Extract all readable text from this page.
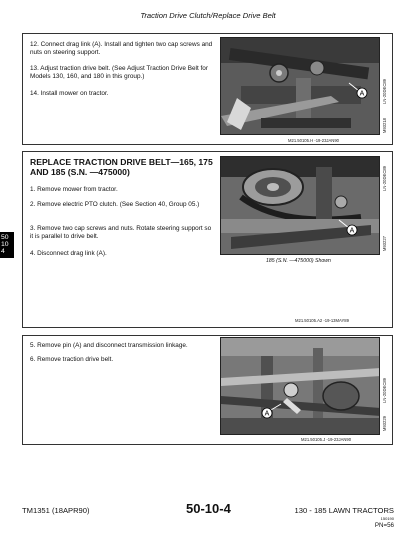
Traction Drive Clutch/Replace Drive Belt
50
10
4
12. Connect drag link (A). Install and tighten two cap screws and nuts on steering support.
13. Adjust traction drive belt. (See Adjust Traction Drive Belt for Models 130, 160, and 180 in this group.)
14. Install mower on tractor.	A	LN-20DEC89
M93218
M21.50105.H -19-23JAN90
REPLACE TRACTION DRIVE BELT—165, 175 AND 185 (S.N. —475000)
1. Remove mower from tractor.
2. Remove electric PTO clutch. (See Section 40, Group 05.)
3. Remove two cap screws and nuts. Rotate steering support so it is parallel to drive belt.
4. Disconnect drag link (A).
A
185 (S.N. —475000) Shown
LN-20DEC89
M93227
M21.50105.A2 -19-13MAY89
5. Remove pin (A) and disconnect transmission linkage.
6. Remove traction drive belt.
A
LN-20DEC89
M93229
M21.50105.J -19-23JAN90
TM1351 (18APR90)	50-10-4	130 - 185 LAWN TRACTORS
150190
PN=56
